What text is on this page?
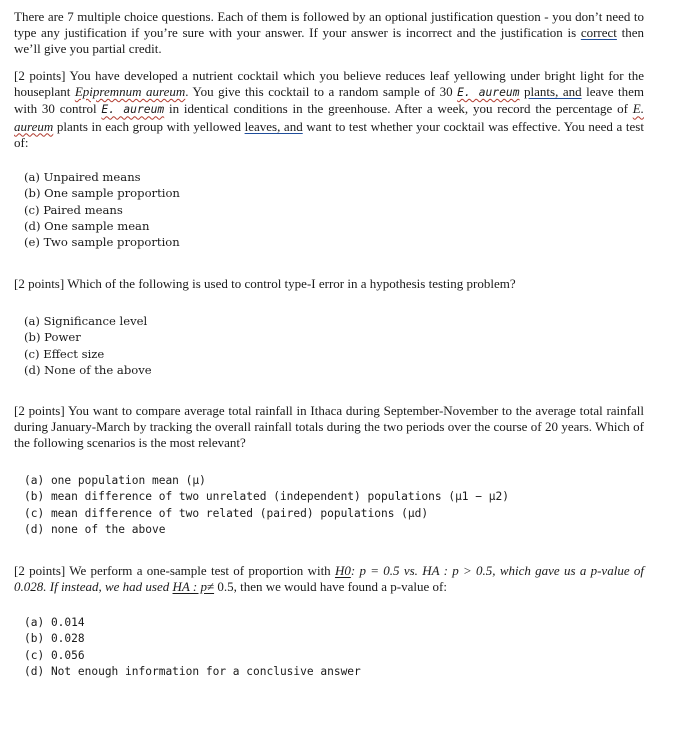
There are 7 multiple choice questions. Each of them is followed by an optional justification question - you don’t need to type any justification if you’re sure with your answer. If your answer is incorrect and the justification is correct then we’ll give you partial credit.
[2 points] You have developed a nutrient cocktail which you believe reduces leaf yellowing under bright light for the houseplant Epipremnum aureum. You give this cocktail to a random sample of 30 E. aureum plants, and leave them with 30 control E. aureum in identical conditions in the greenhouse. After a week, you record the percentage of E. aureum plants in each group with yellowed leaves, and want to test whether your cocktail was effective. You need a test of:
(a) Unpaired means
(b) One sample proportion
(c) Paired means
(d) One sample mean
(e) Two sample proportion
[2 points] Which of the following is used to control type-I error in a hypothesis testing problem?
(a) Significance level
(b) Power
(c) Effect size
(d) None of the above
[2 points] You want to compare average total rainfall in Ithaca during September-November to the average total rainfall during January-March by tracking the overall rainfall totals during the two periods over the course of 20 years. Which of the following scenarios is the most relevant?
(a) one population mean (μ)
(b) mean difference of two unrelated (independent) populations (μ1 − μ2)
(c) mean difference of two related (paired) populations (μd)
(d) none of the above
[2 points] We perform a one-sample test of proportion with H0: p = 0.5 vs. HA : p > 0.5, which gave us a p-value of 0.028. If instead, we had used HA : p≠ 0.5, then we would have found a p-value of:
(a) 0.014
(b) 0.028
(c) 0.056
(d) Not enough information for a conclusive answer
